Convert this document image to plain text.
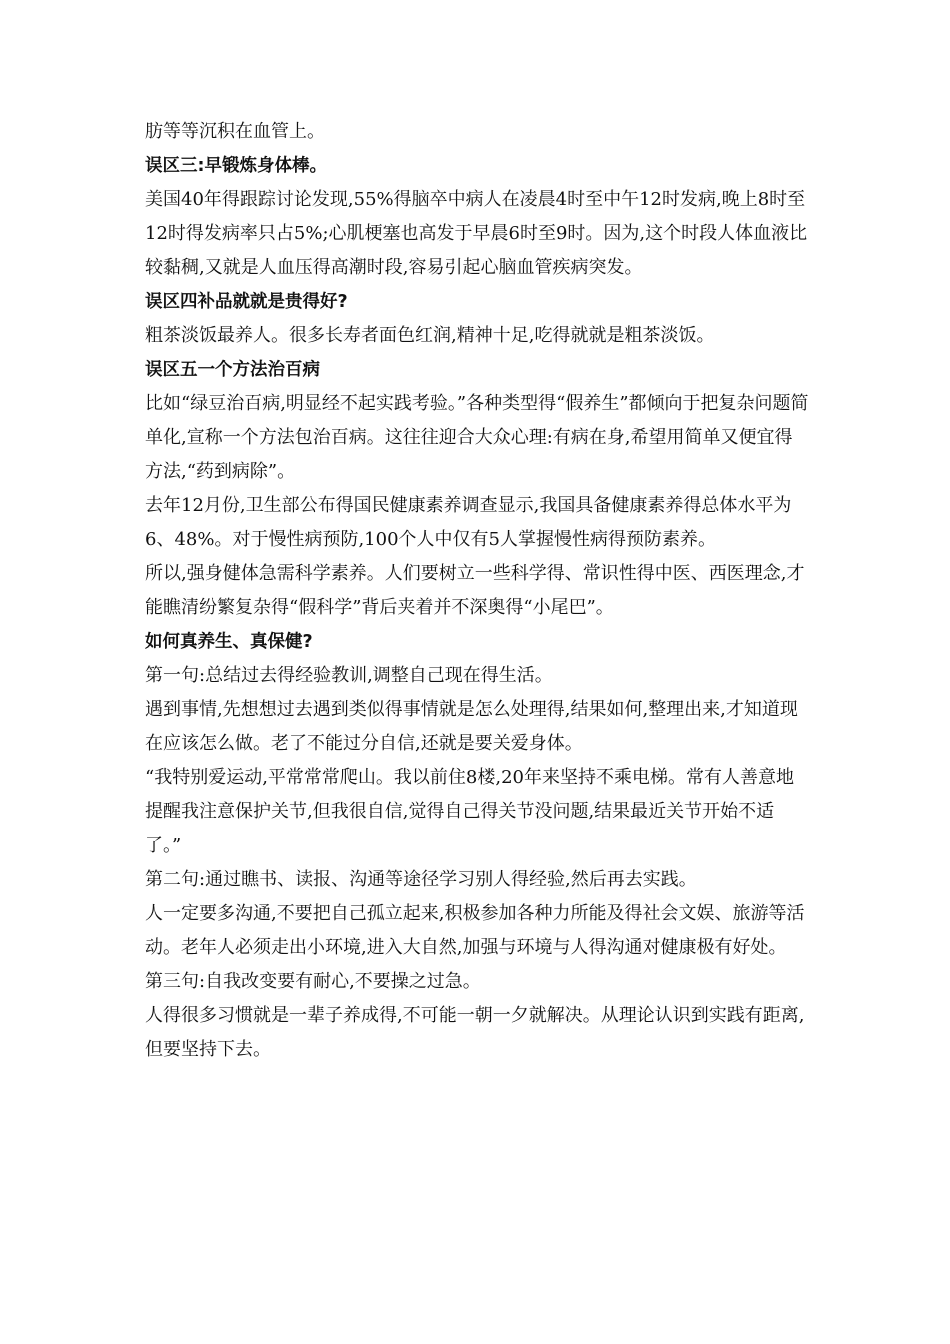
肪等等沉积在血管上。

误区三:早锻炼身体棒。

美国40年得跟踪讨论发现,55%得脑卒中病人在凌晨4时至中午12时发病,晚上8时至12时得发病率只占5%;心肌梗塞也高发于早晨6时至9时。因为,这个时段人体血液比较黏稠,又就是人血压得高潮时段,容易引起心脑血管疾病突发。

误区四补品就就是贵得好?

粗茶淡饭最养人。很多长寿者面色红润,精神十足,吃得就就是粗茶淡饭。

误区五一个方法治百病

比如“绿豆治百病,明显经不起实践考验。”各种类型得“假养生”都倾向于把复杂问题简单化,宣称一个方法包治百病。这往往迎合大众心理:有病在身,希望用简单又便宜得方法,“药到病除”。

去年12月份,卫生部公布得国民健康素养调查显示,我国具备健康素养得总体水平为6、48%。对于慢性病预防,100个人中仅有5人掌握慢性病得预防素养。

所以,强身健体急需科学素养。人们要树立一些科学得、常识性得中医、西医理念,才能瞧清纷繁复杂得“假科学”背后夹着并不深奥得“小尾巴”。

如何真养生、真保健?

第一句:总结过去得经验教训,调整自己现在得生活。

遇到事情,先想想过去遇到类似得事情就是怎么处理得,结果如何,整理出来,才知道现在应该怎么做。老了不能过分自信,还就是要关爱身体。

“我特别爱运动,平常常常爬山。我以前住8楼,20年来坚持不乘电梯。常有人善意地提醒我注意保护关节,但我很自信,觉得自己得关节没问题,结果最近关节开始不适了。”

第二句:通过瞧书、读报、沟通等途径学习别人得经验,然后再去实践。

人一定要多沟通,不要把自己孤立起来,积极参加各种力所能及得社会文娱、旅游等活动。老年人必须走出小环境,进入大自然,加强与环境与人得沟通对健康极有好处。

第三句:自我改变要有耐心,不要操之过急。

人得很多习惯就是一辈子养成得,不可能一朝一夕就解决。从理论认识到实践有距离,但要坚持下去。
